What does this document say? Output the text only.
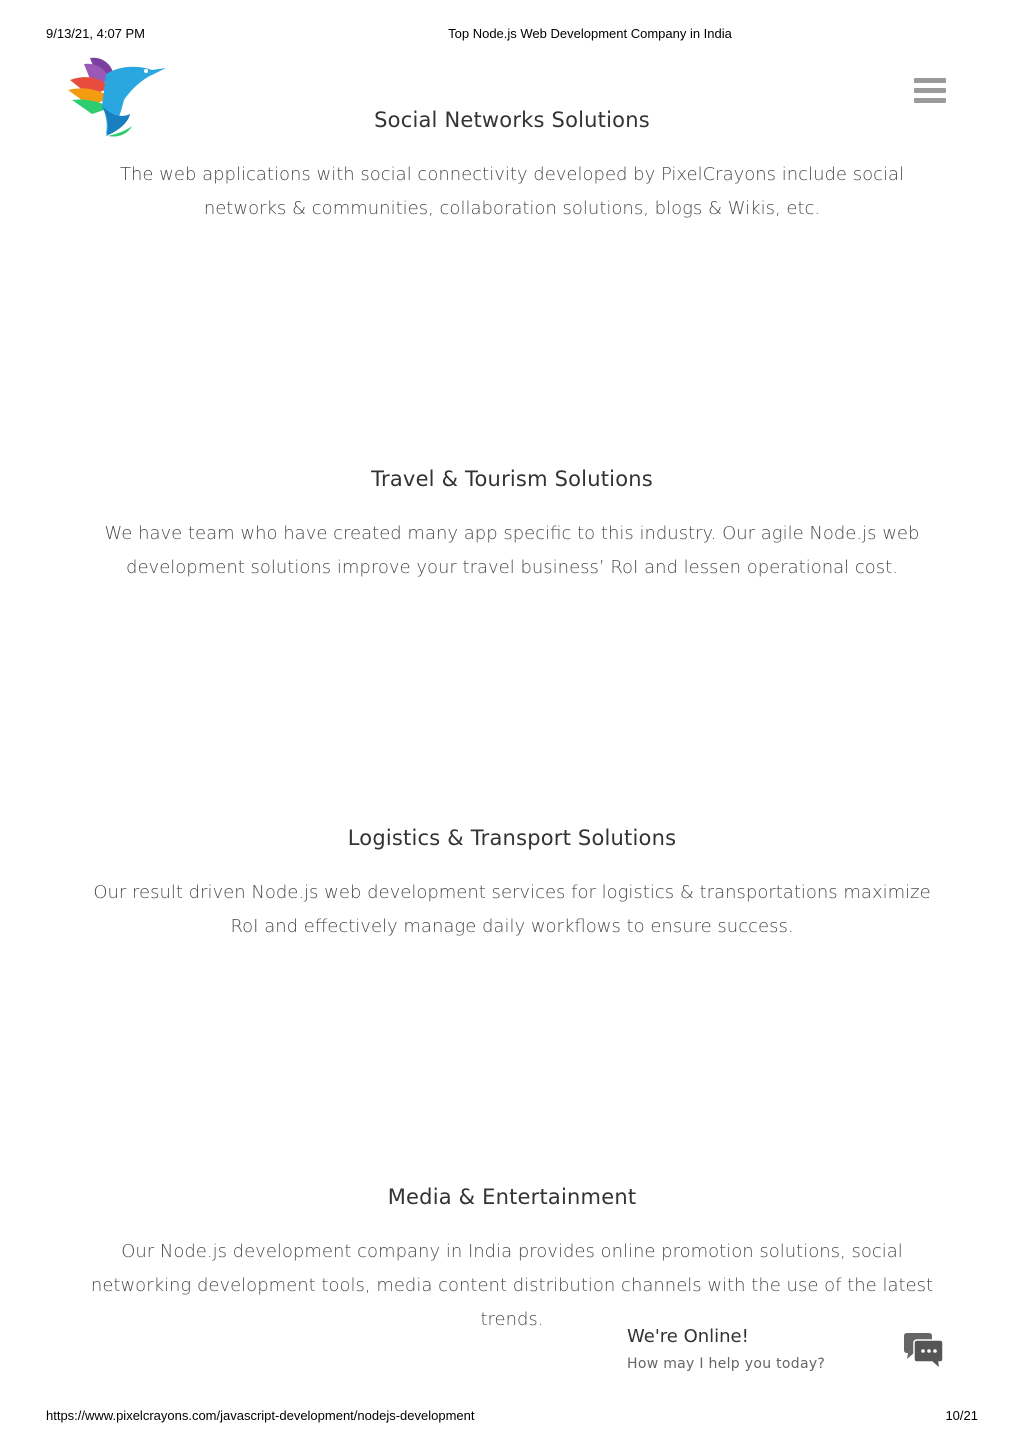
9/13/21, 4:07 PM	Top Node.js Web Development Company in India
Social Networks Solutions

The web applications with social connectivity developed by PixelCrayons include social networks & communities, collaboration solutions, blogs & Wikis, etc.

Travel & Tourism Solutions

We have team who have created many app specific to this industry. Our agile Node.js web development solutions improve your travel business’ RoI and lessen operational cost.

Logistics & Transport Solutions

Our result driven Node.js web development services for logistics & transportations maximize RoI and effectively manage daily workflows to ensure success.

Media & Entertainment

Our Node.js development company in India provides online promotion solutions, social networking development tools, media content distribution channels with the use of the latest trends.

We're Online!
How may I help you today?
https://www.pixelcrayons.com/javascript-development/nodejs-development	10/21
